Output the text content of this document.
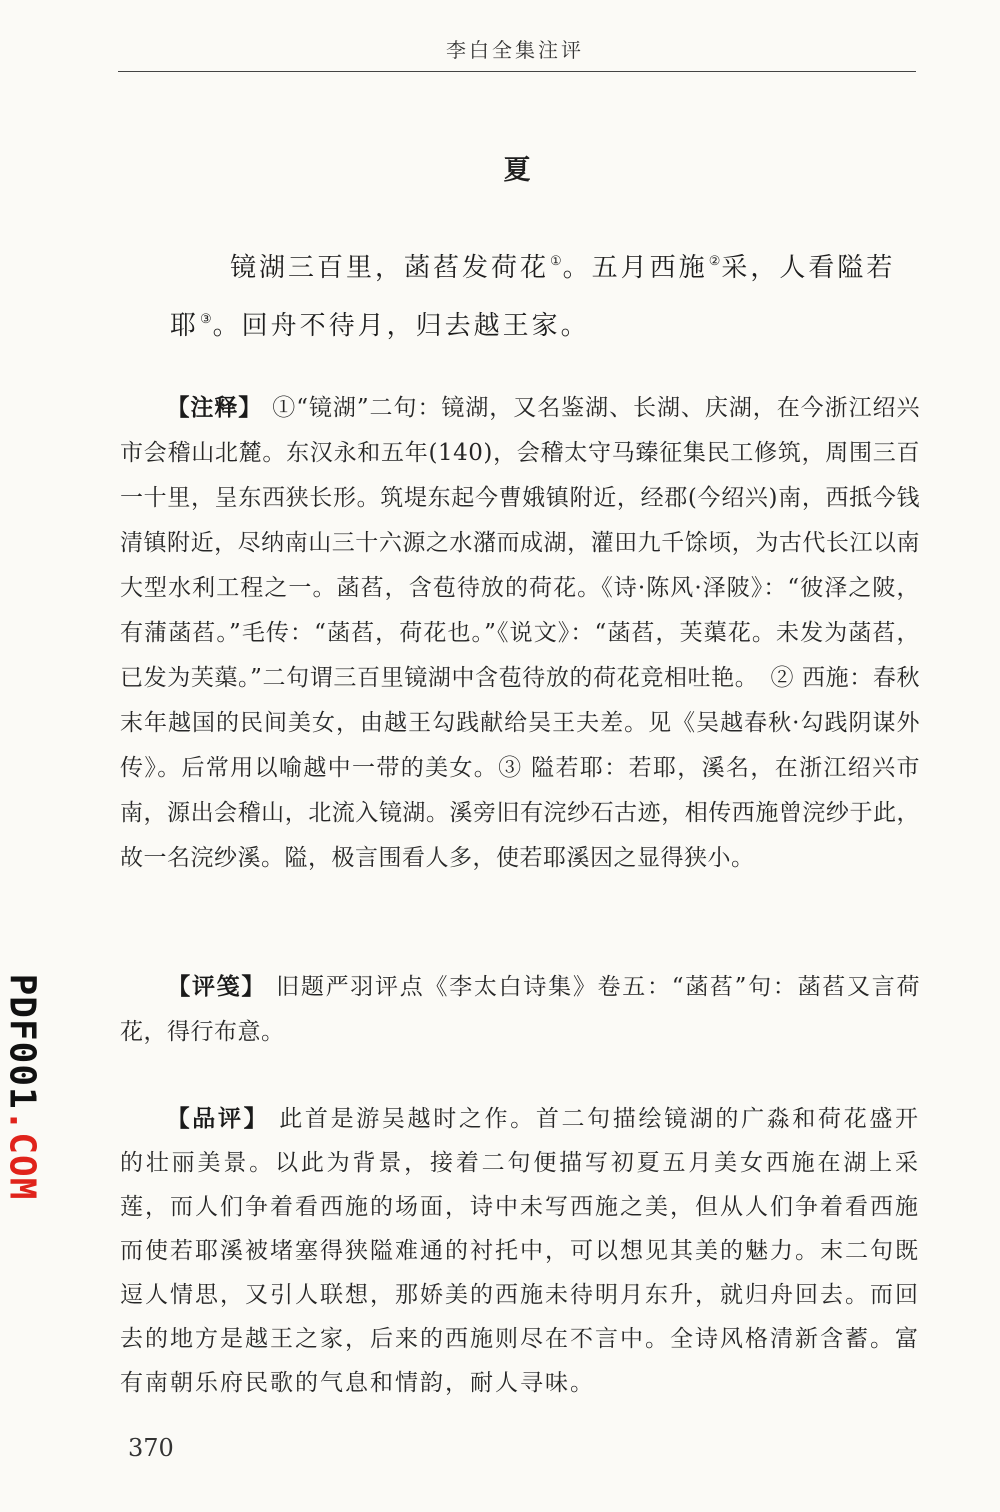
李白全集注评
夏
镜湖三百里，菡萏发荷花①。五月西施②采，人看隘若
耶③。回舟不待月，归去越王家。
【注释】 ①“镜湖”二句：镜湖，又名鉴湖、长湖、庆湖，在今浙江绍兴市会稽山北麓。东汉永和五年(140)，会稽太守马臻征集民工修筑，周围三百一十里，呈东西狭长形。筑堤东起今曹娥镇附近，经郡(今绍兴)南，西抵今钱清镇附近，尽纳南山三十六源之水潴而成湖，灌田九千馀顷，为古代长江以南大型水利工程之一。菡萏，含苞待放的荷花。《诗·陈风·泽陂》：“彼泽之陂，有蒲菡萏。”毛传：“菡萏，荷花也。”《说文》：“菡萏，芙蕖花。未发为菡萏，已发为芙蕖。”二句谓三百里镜湖中含苞待放的荷花竞相吐艳。　② 西施：春秋末年越国的民间美女，由越王勾践献给吴王夫差。见《吴越春秋·勾践阴谋外传》。后常用以喻越中一带的美女。③ 隘若耶：若耶，溪名，在浙江绍兴市南，源出会稽山，北流入镜湖。溪旁旧有浣纱石古迹，相传西施曾浣纱于此，故一名浣纱溪。隘，极言围看人多，使若耶溪因之显得狭小。
【评笺】 旧题严羽评点《李太白诗集》卷五：“菡萏”句：菡萏又言荷花，得行布意。
【品评】 此首是游吴越时之作。首二句描绘镜湖的广淼和荷花盛开的壮丽美景。以此为背景，接着二句便描写初夏五月美女西施在湖上采莲，而人们争着看西施的场面，诗中未写西施之美，但从人们争着看西施而使若耶溪被堵塞得狭隘难通的衬托中，可以想见其美的魅力。末二句既逗人情思，又引人联想，那娇美的西施未待明月东升，就归舟回去。而回去的地方是越王之家，后来的西施则尽在不言中。全诗风格清新含蓄。富有南朝乐府民歌的气息和情韵，耐人寻味。
PDF001.COM
370
